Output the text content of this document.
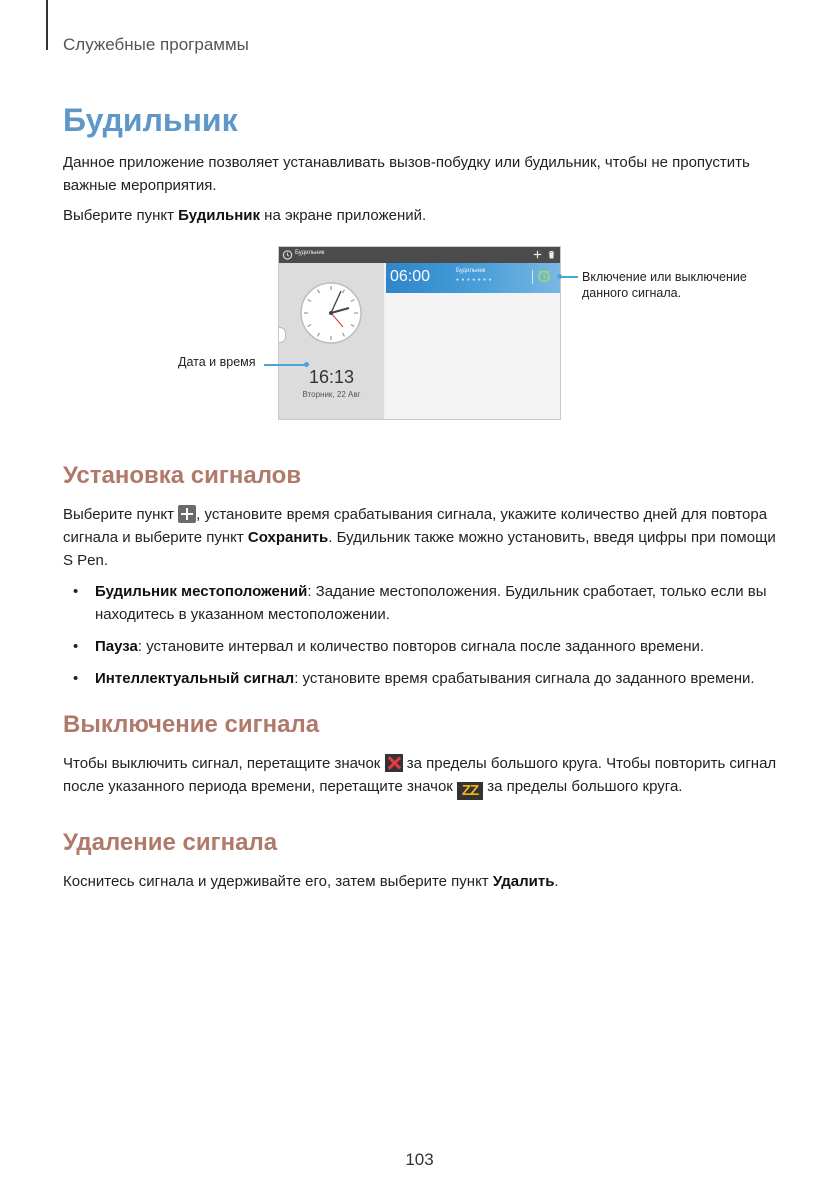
Служебные программы
Будильник

Данное приложение позволяет устанавливать вызов-побудку или будильник, чтобы не пропустить важные мероприятия.

Выберите пункт Будильник на экране приложений.

Будильник
16:13
Вторник, 22 Авг
06:00	Будильник
● ● ● ● ● ● ●	Включение или выключение
данного сигнала.
Дата и время
Установка сигналов

Выберите пункт , установите время срабатывания сигнала, укажите количество дней для повтора сигнала и выберите пункт Сохранить. Будильник также можно установить, введя цифры при помощи S Pen.

• Будильник местоположений: Задание местоположения. Будильник сработает, только если вы находитесь в указанном местоположении.
• Пауза: установите интервал и количество повторов сигнала после заданного времени.
• Интеллектуальный сигнал: установите время срабатывания сигнала до заданного времени.
Выключение сигнала

Чтобы выключить сигнал, перетащите значок  за пределы большого круга. Чтобы повторить сигнал после указанного периода времени, перетащите значок ZZ за пределы большого круга.

Удаление сигнала

Коснитесь сигнала и удерживайте его, затем выберите пункт Удалить.

103
